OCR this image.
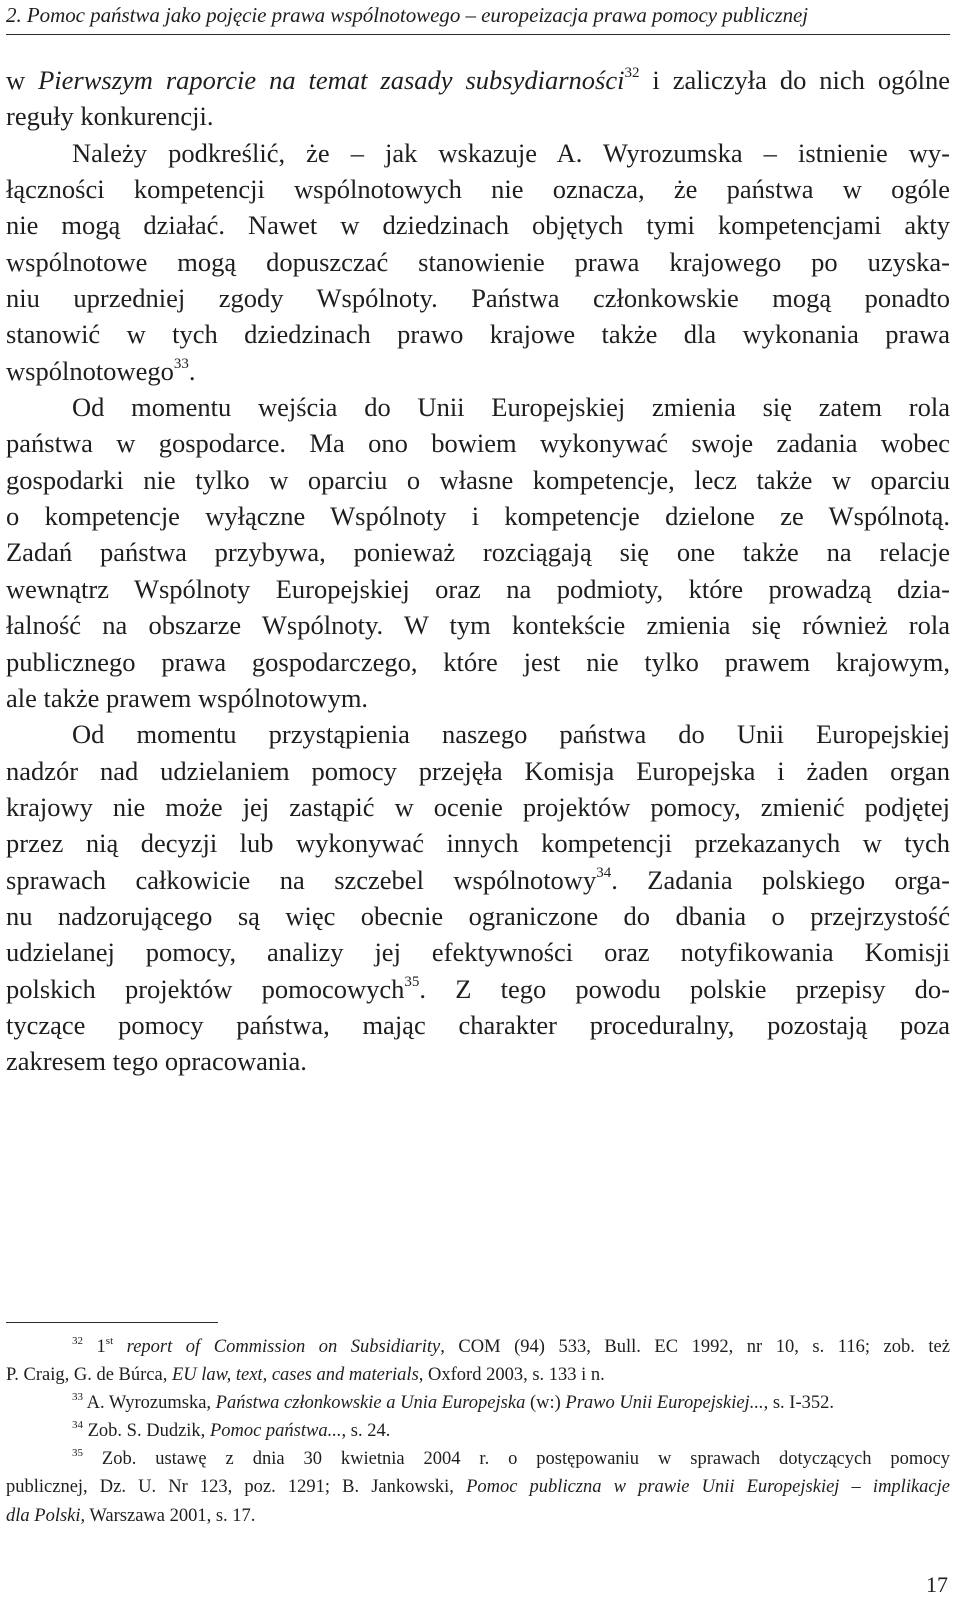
2. Pomoc państwa jako pojęcie prawa wspólnotowego – europeizacja prawa pomocy publicznej
w Pierwszym raporcie na temat zasady subsydiarności$^{32}$ i zaliczyła do nich ogólne
reguły konkurencji.
Należy podkreślić, że – jak wskazuje A. Wyrozumska – istnienie wy-
łączności kompetencji wspólnotowych nie oznacza, że państwa w ogóle
nie mogą działać. Nawet w dziedzinach objętych tymi kompetencjami akty
wspólnotowe mogą dopuszczać stanowienie prawa krajowego po uzyska-
niu uprzedniej zgody Wspólnoty. Państwa członkowskie mogą ponadto
stanowić w tych dziedzinach prawo krajowe także dla wykonania prawa
wspólnotowego$^{33}$.
Od momentu wejścia do Unii Europejskiej zmienia się zatem rola
państwa w gospodarce. Ma ono bowiem wykonywać swoje zadania wobec
gospodarki nie tylko w oparciu o własne kompetencje, lecz także w oparciu
o kompetencje wyłączne Wspólnoty i kompetencje dzielone ze Wspólnotą.
Zadań państwa przybywa, ponieważ rozciągają się one także na relacje
wewnątrz Wspólnoty Europejskiej oraz na podmioty, które prowadzą dzia-
łalność na obszarze Wspólnoty. W tym kontekście zmienia się również rola
publicznego prawa gospodarczego, które jest nie tylko prawem krajowym,
ale także prawem wspólnotowym.
Od momentu przystąpienia naszego państwa do Unii Europejskiej
nadzór nad udzielaniem pomocy przejęła Komisja Europejska i żaden organ
krajowy nie może jej zastąpić w ocenie projektów pomocy, zmienić podjętej
przez nią decyzji lub wykonywać innych kompetencji przekazanych w tych
sprawach całkowicie na szczebel wspólnotowy$^{34}$. Zadania polskiego orga-
nu nadzorującego są więc obecnie ograniczone do dbania o przejrzystość
udzielanej pomocy, analizy jej efektywności oraz notyfikowania Komisji
polskich projektów pomocowych$^{35}$. Z tego powodu polskie przepisy do-
tyczące pomocy państwa, mając charakter proceduralny, pozostają poza
zakresem tego opracowania.
$^{32}$ 1st report of Commission on Subsidiarity, COM (94) 533, Bull. EC 1992, nr 10, s. 116; zob. też
P. Craig, G. de Búrca, EU law, text, cases and materials, Oxford 2003, s. 133 i n.
$^{33}$ A. Wyrozumska, Państwa członkowskie a Unia Europejska (w:) Prawo Unii Europejskiej..., s. I-352.
$^{34}$ Zob. S. Dudzik, Pomoc państwa..., s. 24.
$^{35}$ Zob. ustawę z dnia 30 kwietnia 2004 r. o postępowaniu w sprawach dotyczących pomocy
publicznej, Dz. U. Nr 123, poz. 1291; B. Jankowski, Pomoc publiczna w prawie Unii Europejskiej – implikacje
dla Polski, Warszawa 2001, s. 17.
17
